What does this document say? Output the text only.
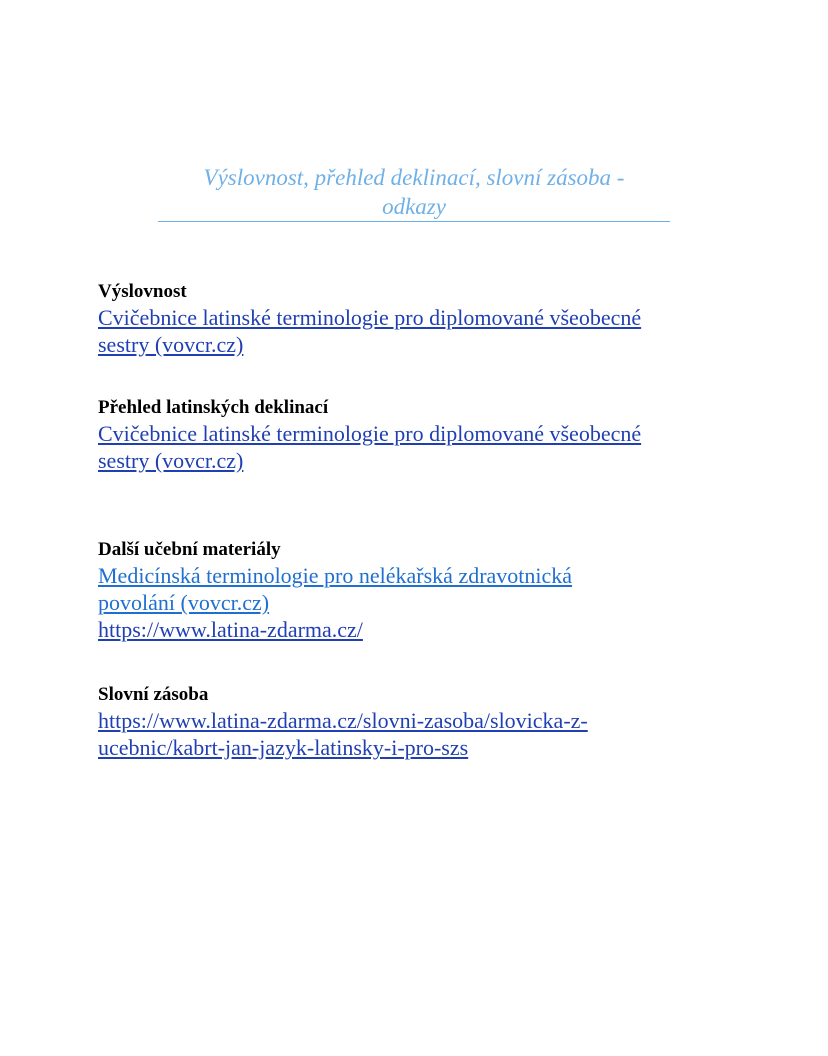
Výslovnost, přehled deklinací, slovní zásoba -
odkazy
Výslovnost
Cvičebnice latinské terminologie pro diplomované všeobecné
sestry (vovcr.cz)
Přehled latinských deklinací
Cvičebnice latinské terminologie pro diplomované všeobecné
sestry (vovcr.cz)
Další učební materiály
Medicínská terminologie pro nelékařská zdravotnická
povolání (vovcr.cz)
https://www.latina-zdarma.cz/
Slovní zásoba
https://www.latina-zdarma.cz/slovni-zasoba/slovicka-z-
ucebnic/kabrt-jan-jazyk-latinsky-i-pro-szs
